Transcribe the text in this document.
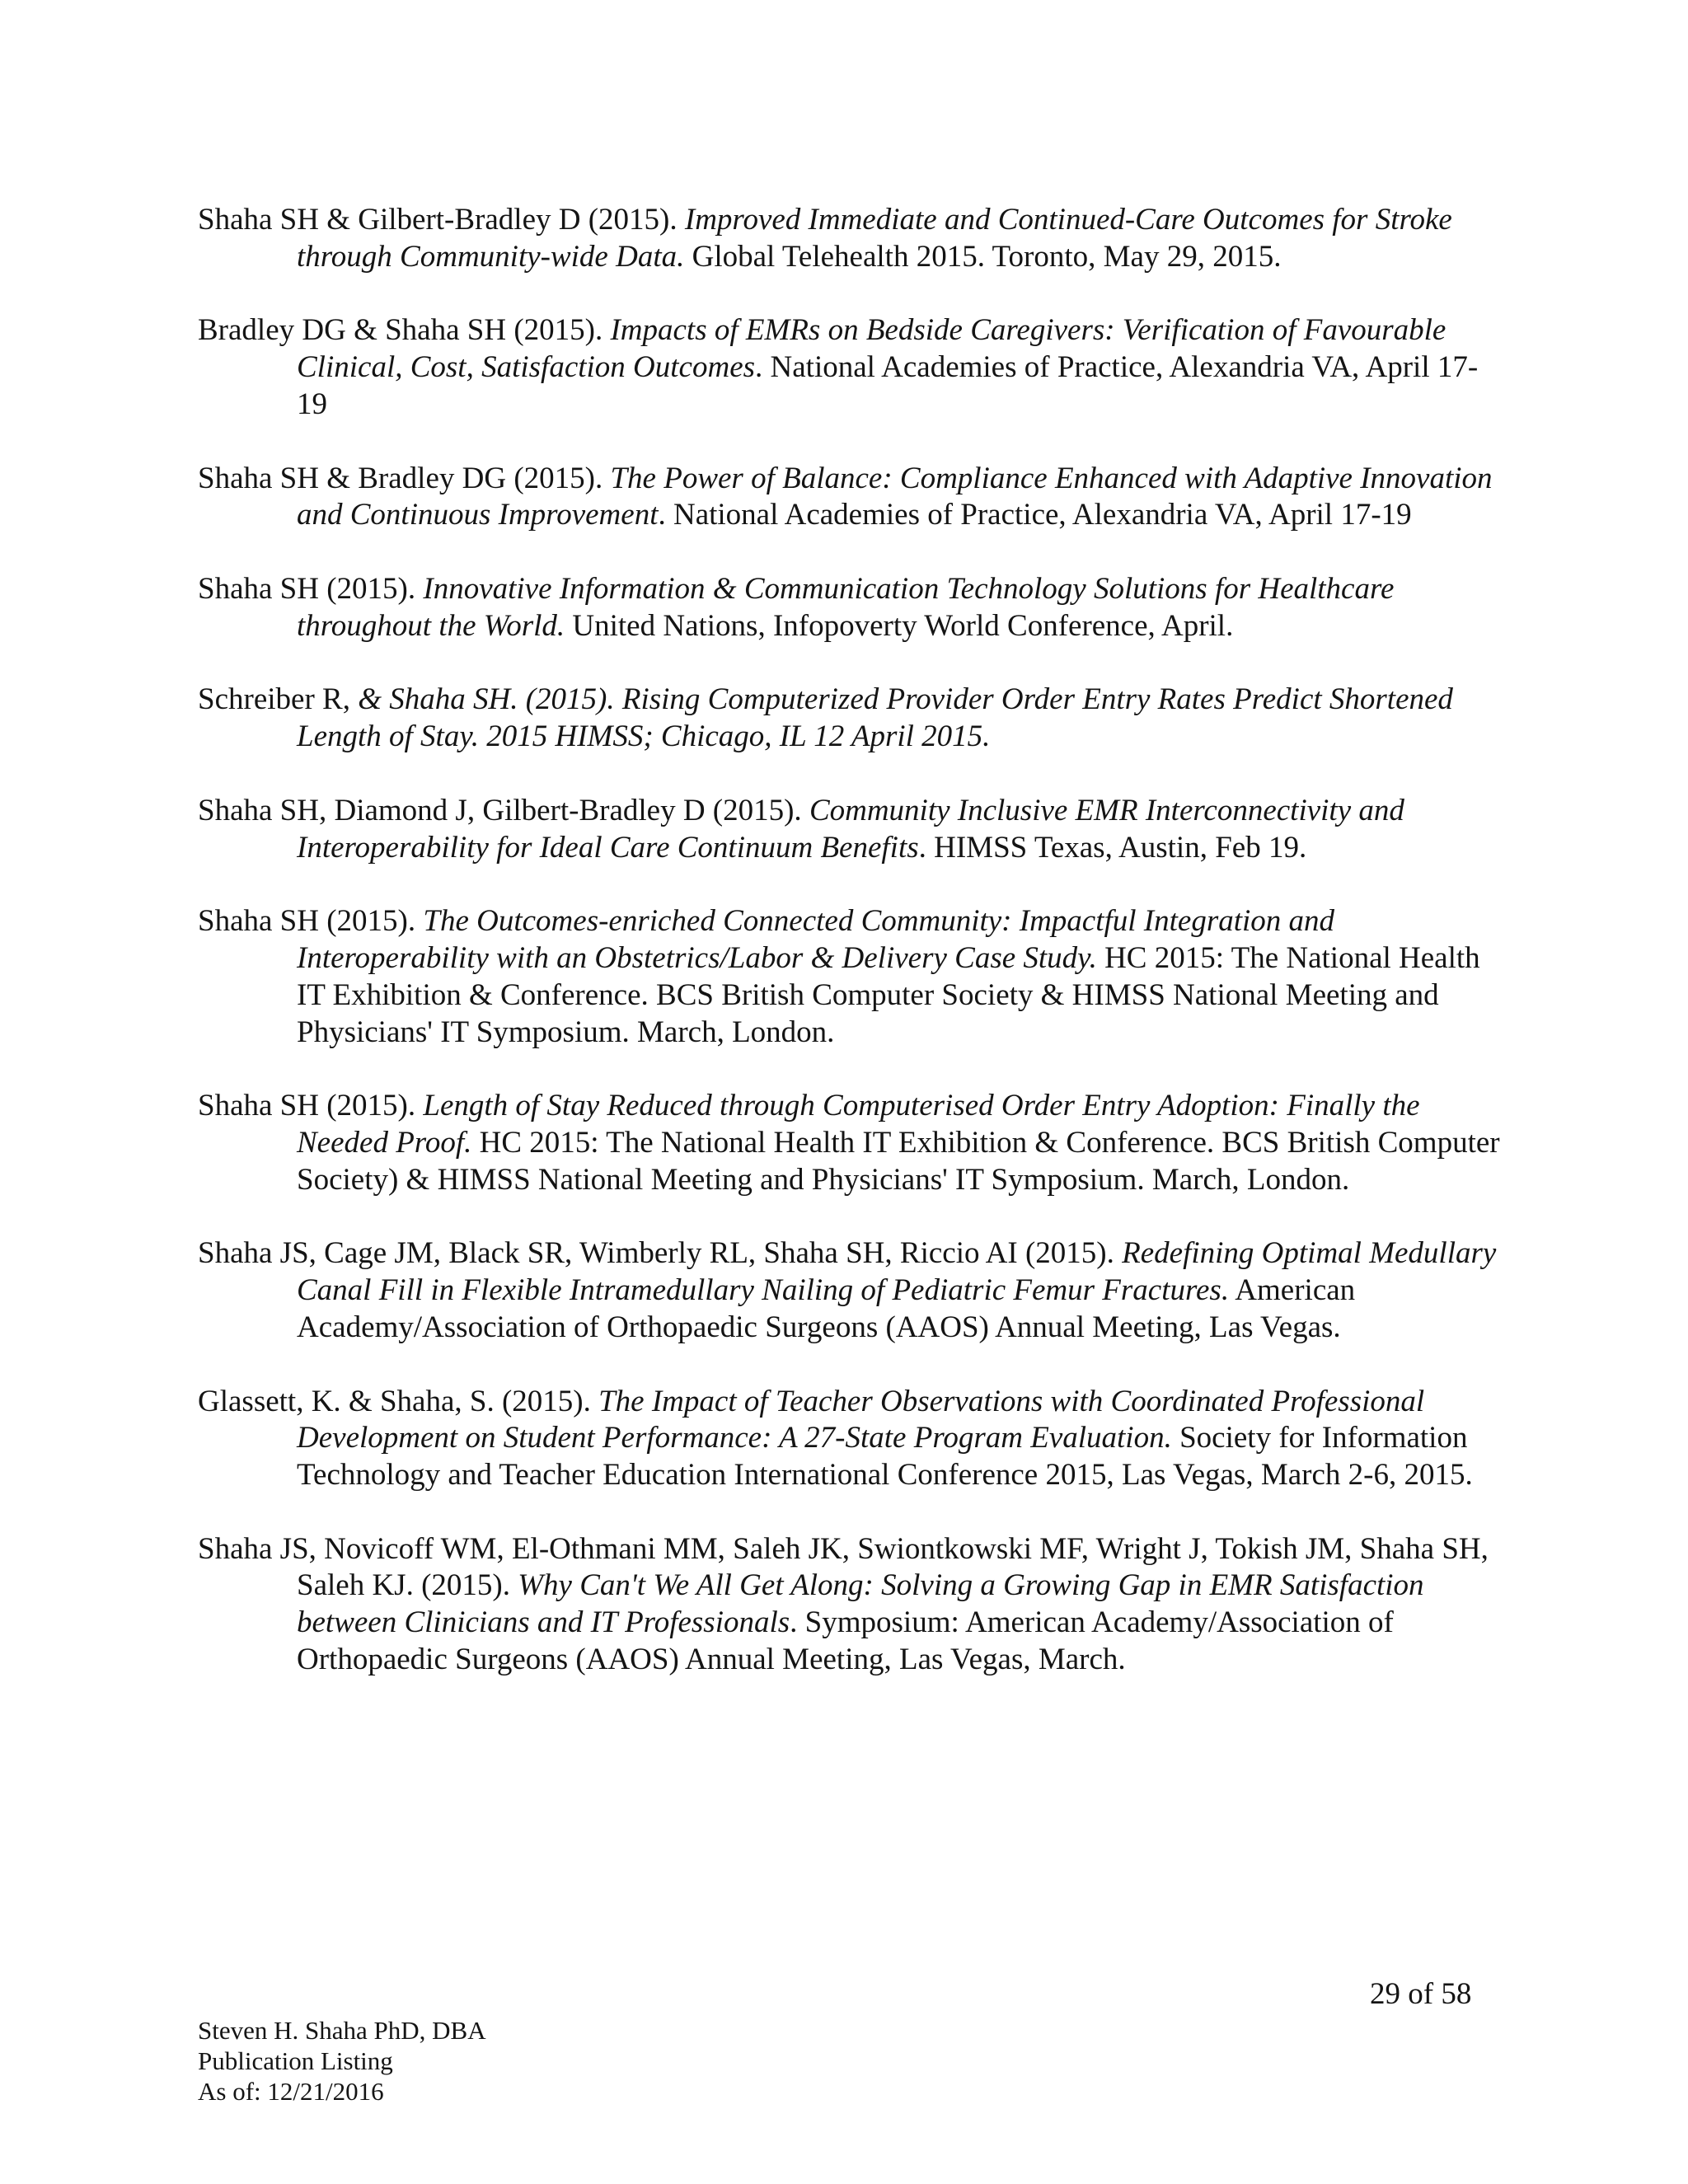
Shaha SH & Gilbert-Bradley D (2015). Improved Immediate and Continued-Care Outcomes for Stroke through Community-wide Data. Global Telehealth 2015. Toronto, May 29, 2015.

Bradley DG & Shaha SH (2015). Impacts of EMRs on Bedside Caregivers: Verification of Favourable Clinical, Cost, Satisfaction Outcomes. National Academies of Practice, Alexandria VA, April 17-19

Shaha SH & Bradley DG (2015). The Power of Balance: Compliance Enhanced with Adaptive Innovation and Continuous Improvement. National Academies of Practice, Alexandria VA, April 17-19

Shaha SH (2015). Innovative Information & Communication Technology Solutions for Healthcare throughout the World. United Nations, Infopoverty World Conference, April.

Schreiber R, & Shaha SH. (2015). Rising Computerized Provider Order Entry Rates Predict Shortened Length of Stay. 2015 HIMSS; Chicago, IL 12 April 2015.

Shaha SH, Diamond J, Gilbert-Bradley D (2015). Community Inclusive EMR Interconnectivity and Interoperability for Ideal Care Continuum Benefits. HIMSS Texas, Austin, Feb 19.

Shaha SH (2015). The Outcomes-enriched Connected Community: Impactful Integration and Interoperability with an Obstetrics/Labor & Delivery Case Study. HC 2015: The National Health IT Exhibition & Conference. BCS British Computer Society & HIMSS National Meeting and Physicians' IT Symposium. March, London.

Shaha SH (2015). Length of Stay Reduced through Computerised Order Entry Adoption: Finally the Needed Proof. HC 2015: The National Health IT Exhibition & Conference. BCS British Computer Society) & HIMSS National Meeting and Physicians' IT Symposium. March, London.

Shaha JS, Cage JM, Black SR, Wimberly RL, Shaha SH, Riccio AI (2015). Redefining Optimal Medullary Canal Fill in Flexible Intramedullary Nailing of Pediatric Femur Fractures. American Academy/Association of Orthopaedic Surgeons (AAOS) Annual Meeting, Las Vegas.

Glassett, K. & Shaha, S. (2015). The Impact of Teacher Observations with Coordinated Professional Development on Student Performance: A 27-State Program Evaluation. Society for Information Technology and Teacher Education International Conference 2015, Las Vegas, March 2-6, 2015.

Shaha JS, Novicoff WM, El-Othmani MM, Saleh JK, Swiontkowski MF, Wright J, Tokish JM, Shaha SH, Saleh KJ. (2015). Why Can't We All Get Along: Solving a Growing Gap in EMR Satisfaction between Clinicians and IT Professionals. Symposium: American Academy/Association of Orthopaedic Surgeons (AAOS) Annual Meeting, Las Vegas, March.

29 of 58
Steven H. Shaha PhD, DBA
Publication Listing
As of: 12/21/2016
